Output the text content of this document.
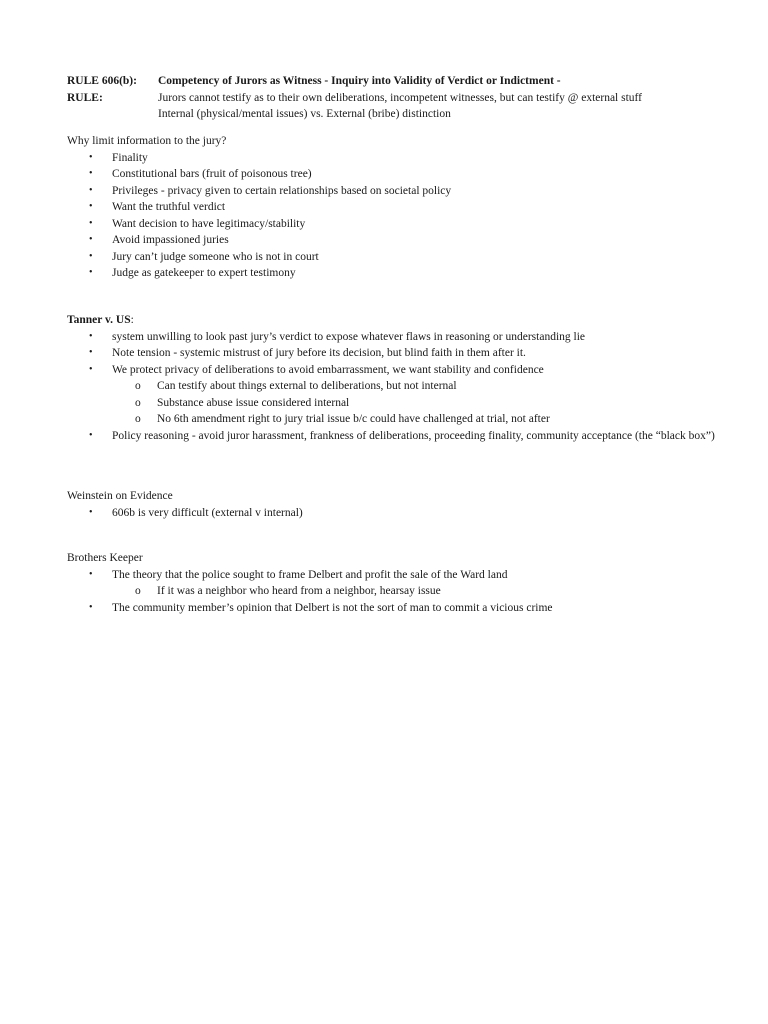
RULE 606(b):	Competency of Jurors as Witness - Inquiry into Validity of Verdict or Indictment -
RULE:	Jurors cannot testify as to their own deliberations, incompetent witnesses, but can testify @ external stuff
Internal (physical/mental issues) vs. External (bribe) distinction
Why limit information to the jury?
• Finality
• Constitutional bars (fruit of poisonous tree)
• Privileges - privacy given to certain relationships based on societal policy
• Want the truthful verdict
• Want decision to have legitimacy/stability
• Avoid impassioned juries
• Jury can’t judge someone who is not in court
• Judge as gatekeeper to expert testimony
Tanner v. US:
• system unwilling to look past jury’s verdict to expose whatever flaws in reasoning or understanding lie
• Note tension - systemic mistrust of jury before its decision, but blind faith in them after it.
• We protect privacy of deliberations to avoid embarrassment, we want stability and confidence
o Can testify about things external to deliberations, but not internal
o Substance abuse issue considered internal
o No 6th amendment right to jury trial issue b/c could have challenged at trial, not after
• Policy reasoning - avoid juror harassment, frankness of deliberations, proceeding finality, community acceptance (the “black box”)
Weinstein on Evidence
• 606b is very difficult (external v internal)
Brothers Keeper
• The theory that the police sought to frame Delbert and profit the sale of the Ward land
o If it was a neighbor who heard from a neighbor, hearsay issue
• The community member’s opinion that Delbert is not the sort of man to commit a vicious crime
